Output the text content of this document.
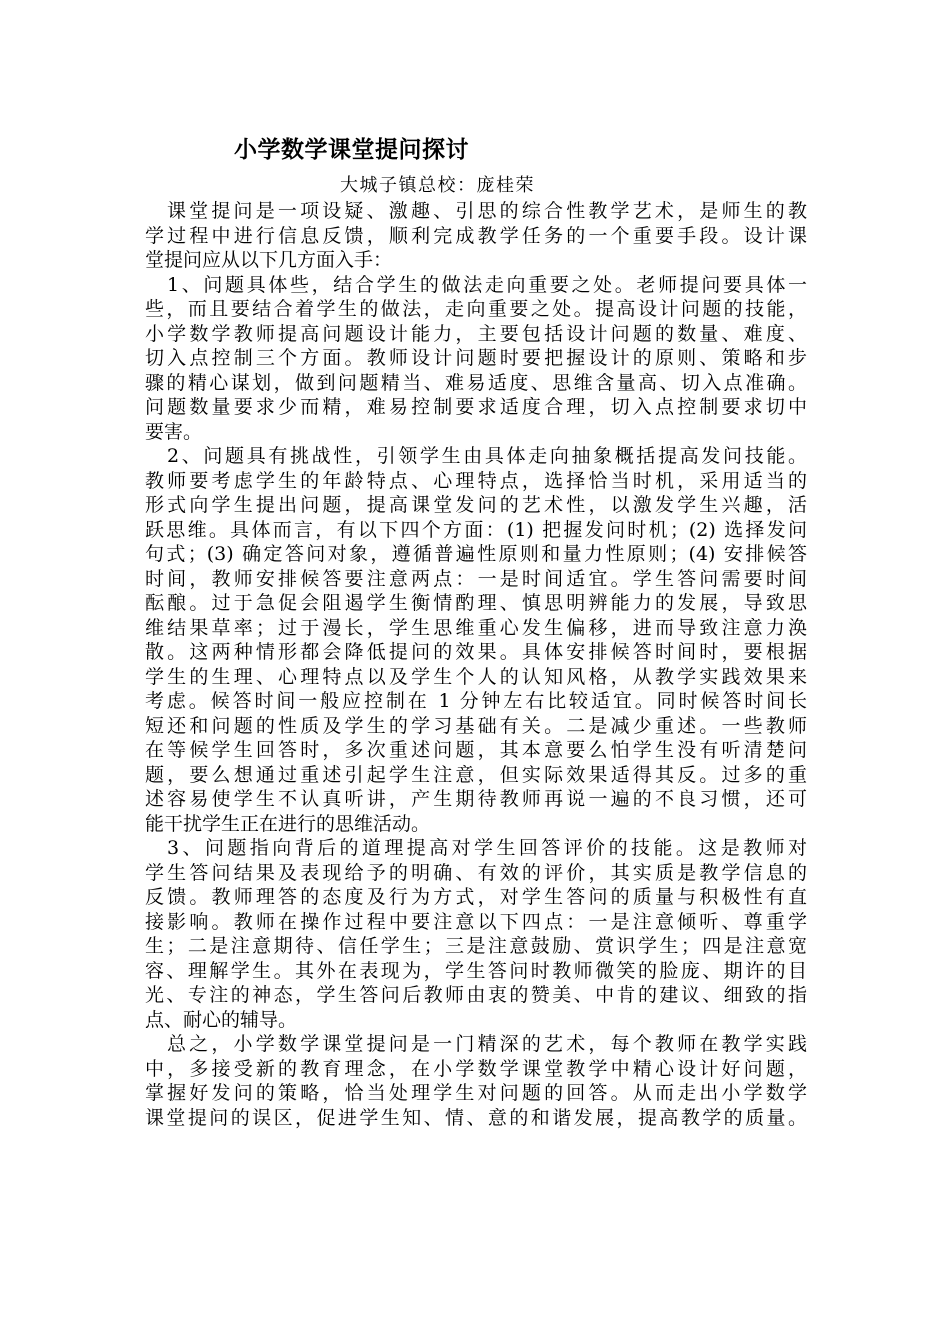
小学数学课堂提问探讨
大城子镇总校：庞桂荣
课堂提问是一项设疑、激趣、引思的综合性教学艺术，是师生的教
学过程中进行信息反馈，顺利完成教学任务的一个重要手段。设计课
堂提问应从以下几方面入手：
1、问题具体些，结合学生的做法走向重要之处。老师提问要具体一
些，而且要结合着学生的做法，走向重要之处。提高设计问题的技能，
小学数学教师提高问题设计能力，主要包括设计问题的数量、难度、
切入点控制三个方面。教师设计问题时要把握设计的原则、策略和步
骤的精心谋划，做到问题精当、难易适度、思维含量高、切入点准确。
问题数量要求少而精，难易控制要求适度合理，切入点控制要求切中
要害。
2、问题具有挑战性，引领学生由具体走向抽象概括提高发问技能。
教师要考虑学生的年龄特点、心理特点，选择恰当时机，采用适当的
形式向学生提出问题，提高课堂发问的艺术性，以激发学生兴趣，活
跃思维。具体而言，有以下四个方面：(1) 把握发问时机；(2) 选择发问
句式；(3) 确定答问对象，遵循普遍性原则和量力性原则；(4) 安排候答
时间，教师安排候答要注意两点：一是时间适宜。学生答问需要时间
酝酿。过于急促会阻遏学生衡情酌理、慎思明辨能力的发展，导致思
维结果草率；过于漫长，学生思维重心发生偏移，进而导致注意力涣
散。这两种情形都会降低提问的效果。具体安排候答时间时，要根据
学生的生理、心理特点以及学生个人的认知风格，从教学实践效果来
考虑。候答时间一般应控制在 1 分钟左右比较适宜。同时候答时间长
短还和问题的性质及学生的学习基础有关。二是减少重述。一些教师
在等候学生回答时，多次重述问题，其本意要么怕学生没有听清楚问
题，要么想通过重述引起学生注意，但实际效果适得其反。过多的重
述容易使学生不认真听讲，产生期待教师再说一遍的不良习惯，还可
能干扰学生正在进行的思维活动。
3、问题指向背后的道理提高对学生回答评价的技能。这是教师对
学生答问结果及表现给予的明确、有效的评价，其实质是教学信息的
反馈。教师理答的态度及行为方式，对学生答问的质量与积极性有直
接影响。教师在操作过程中要注意以下四点：一是注意倾听、尊重学
生；二是注意期待、信任学生；三是注意鼓励、赏识学生；四是注意宽
容、理解学生。其外在表现为，学生答问时教师微笑的脸庞、期许的目
光、专注的神态，学生答问后教师由衷的赞美、中肯的建议、细致的指
点、耐心的辅导。
总之，小学数学课堂提问是一门精深的艺术，每个教师在教学实践
中，多接受新的教育理念，在小学数学课堂教学中精心设计好问题，
掌握好发问的策略，恰当处理学生对问题的回答。从而走出小学数学
课堂提问的误区，促进学生知、情、意的和谐发展，提高教学的质量。
